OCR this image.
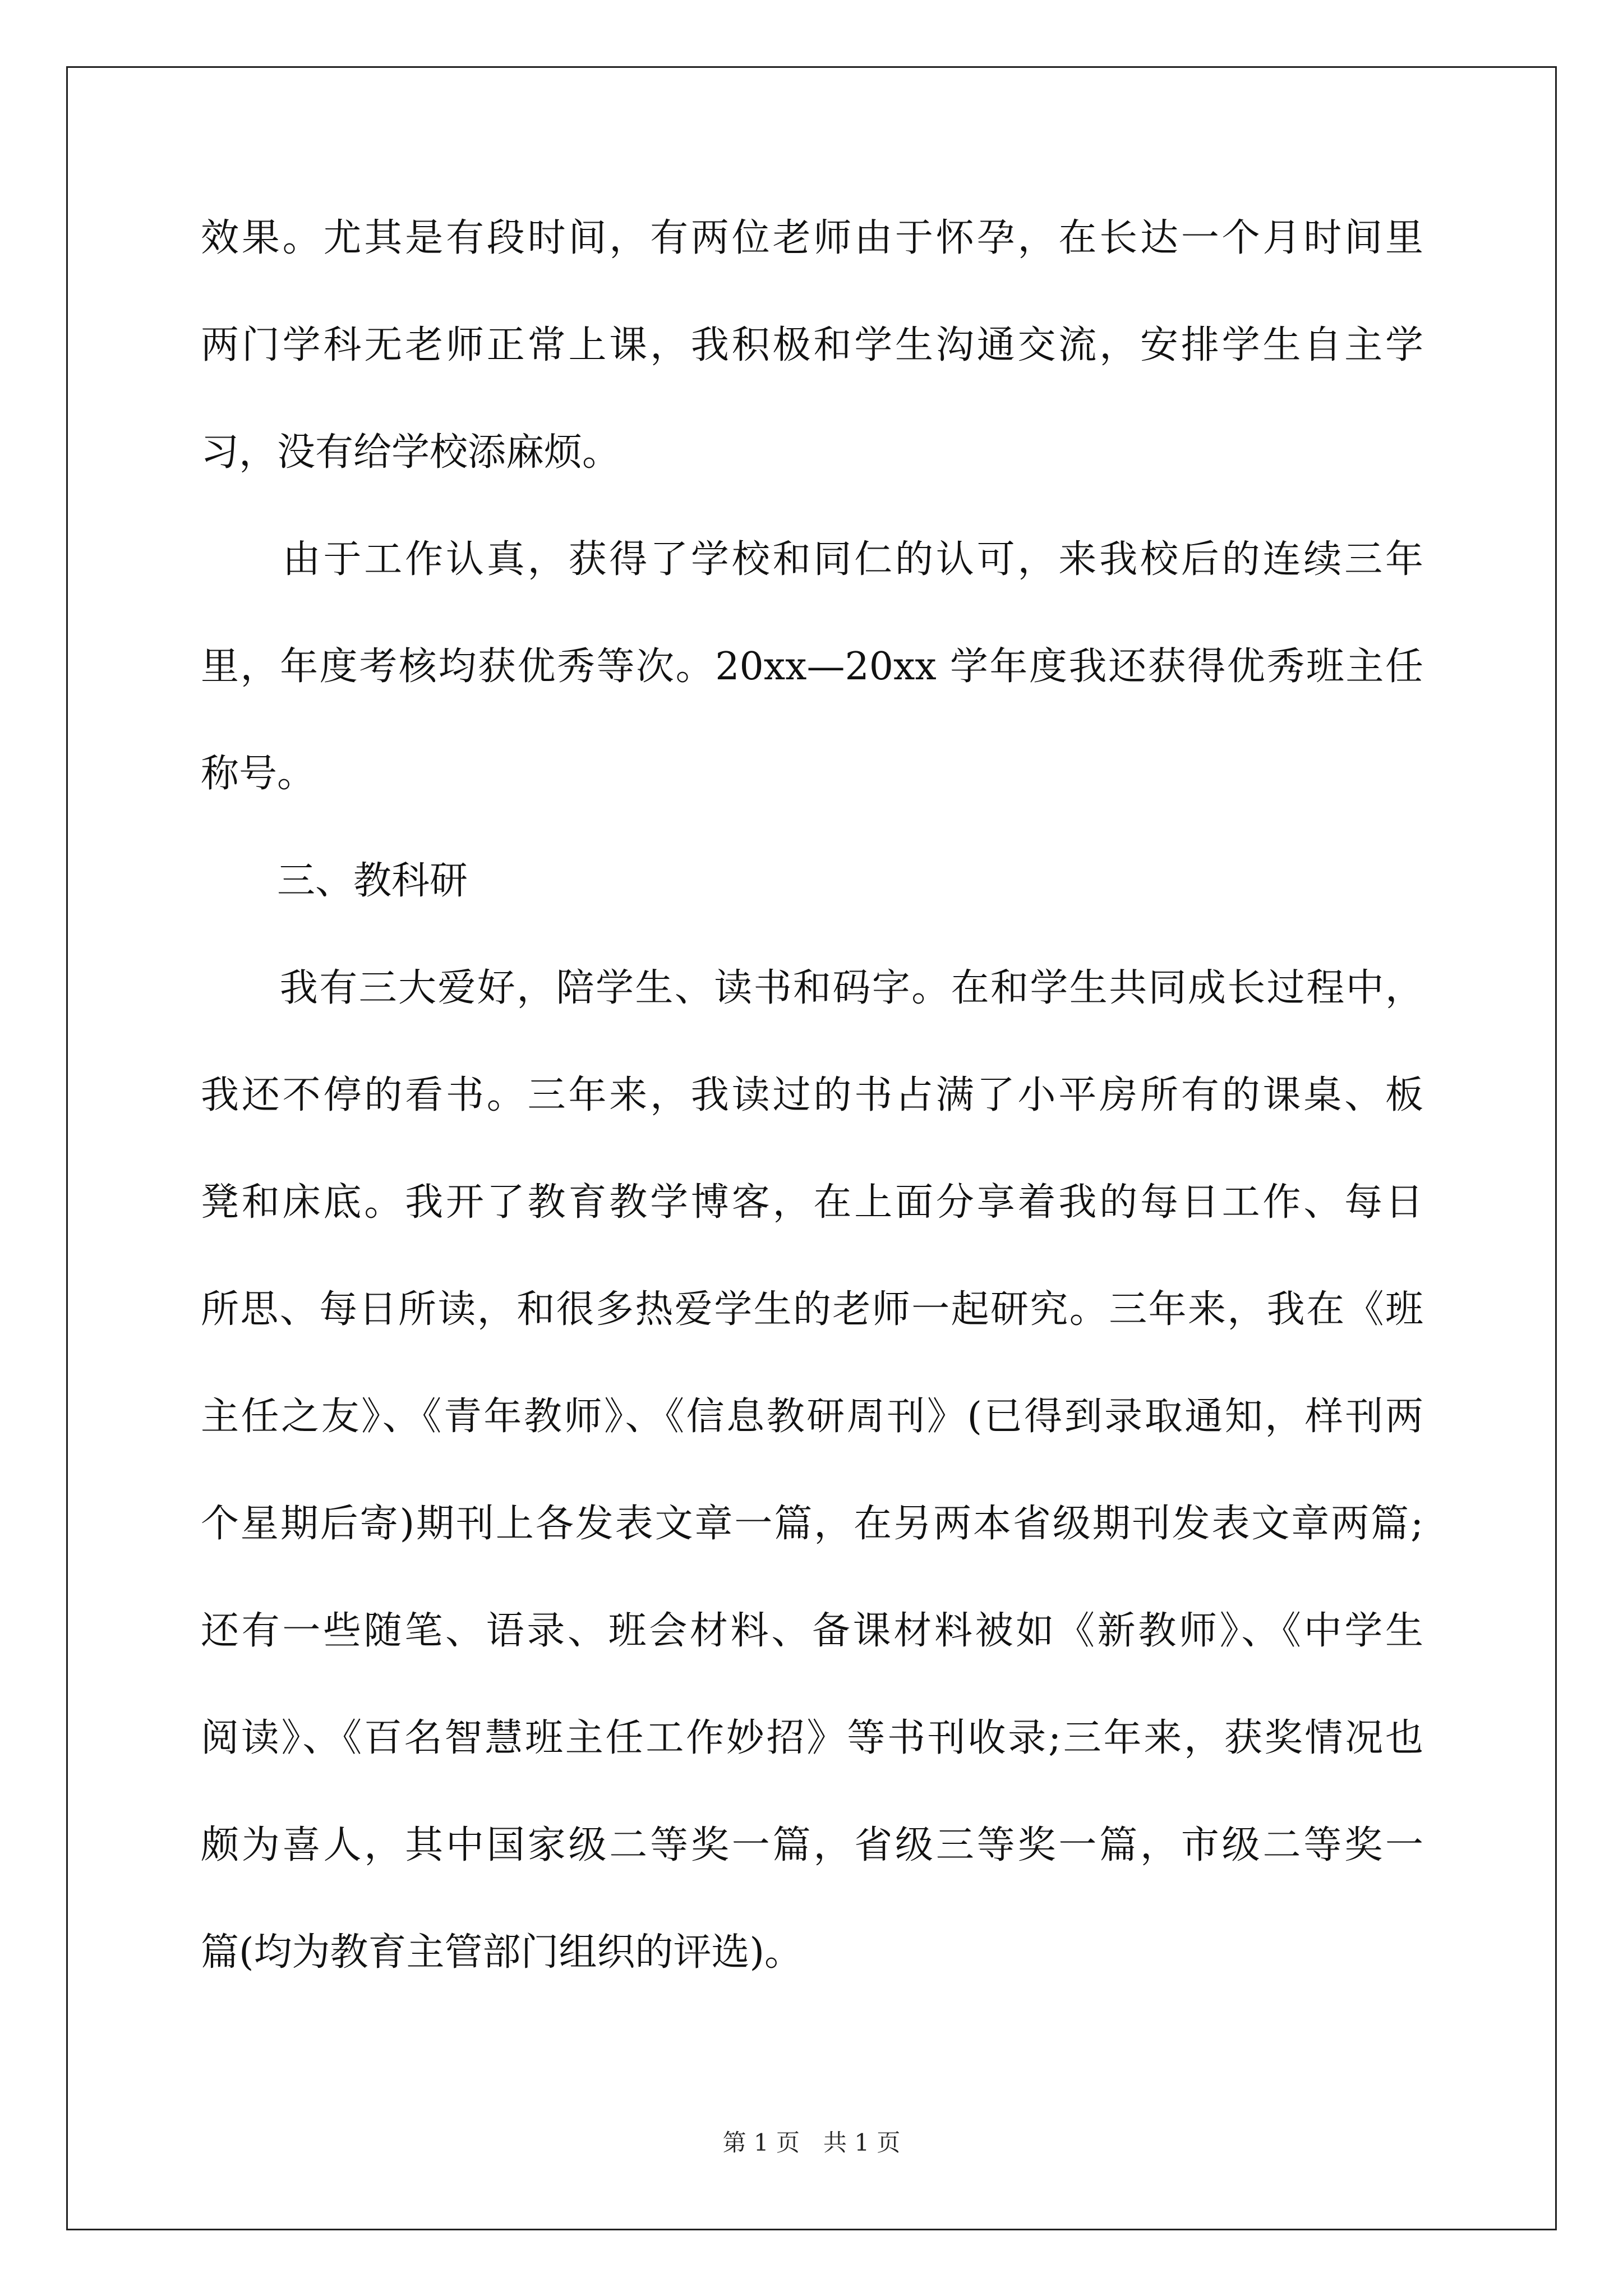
效果。尤其是有段时间，有两位老师由于怀孕，在长达一个月时间里
两门学科无老师正常上课，我积极和学生沟通交流，安排学生自主学
习，没有给学校添麻烦。
　　由于工作认真，获得了学校和同仁的认可，来我校后的连续三年
里，年度考核均获优秀等次。20xx—20xx 学年度我还获得优秀班主任
称号。
　　三、教科研
　　我有三大爱好，陪学生、读书和码字。在和学生共同成长过程中，
我还不停的看书。三年来，我读过的书占满了小平房所有的课桌、板
凳和床底。我开了教育教学博客，在上面分享着我的每日工作、每日
所思、每日所读，和很多热爱学生的老师一起研究。三年来，我在《班
主任之友》、《青年教师》、《信息教研周刊》(已得到录取通知，样刊两
个星期后寄)期刊上各发表文章一篇，在另两本省级期刊发表文章两篇;
还有一些随笔、语录、班会材料、备课材料被如《新教师》、《中学生
阅读》、《百名智慧班主任工作妙招》等书刊收录;三年来，获奖情况也
颇为喜人，其中国家级二等奖一篇，省级三等奖一篇，市级二等奖一
篇(均为教育主管部门组织的评选)。
第 1 页　共 1 页
